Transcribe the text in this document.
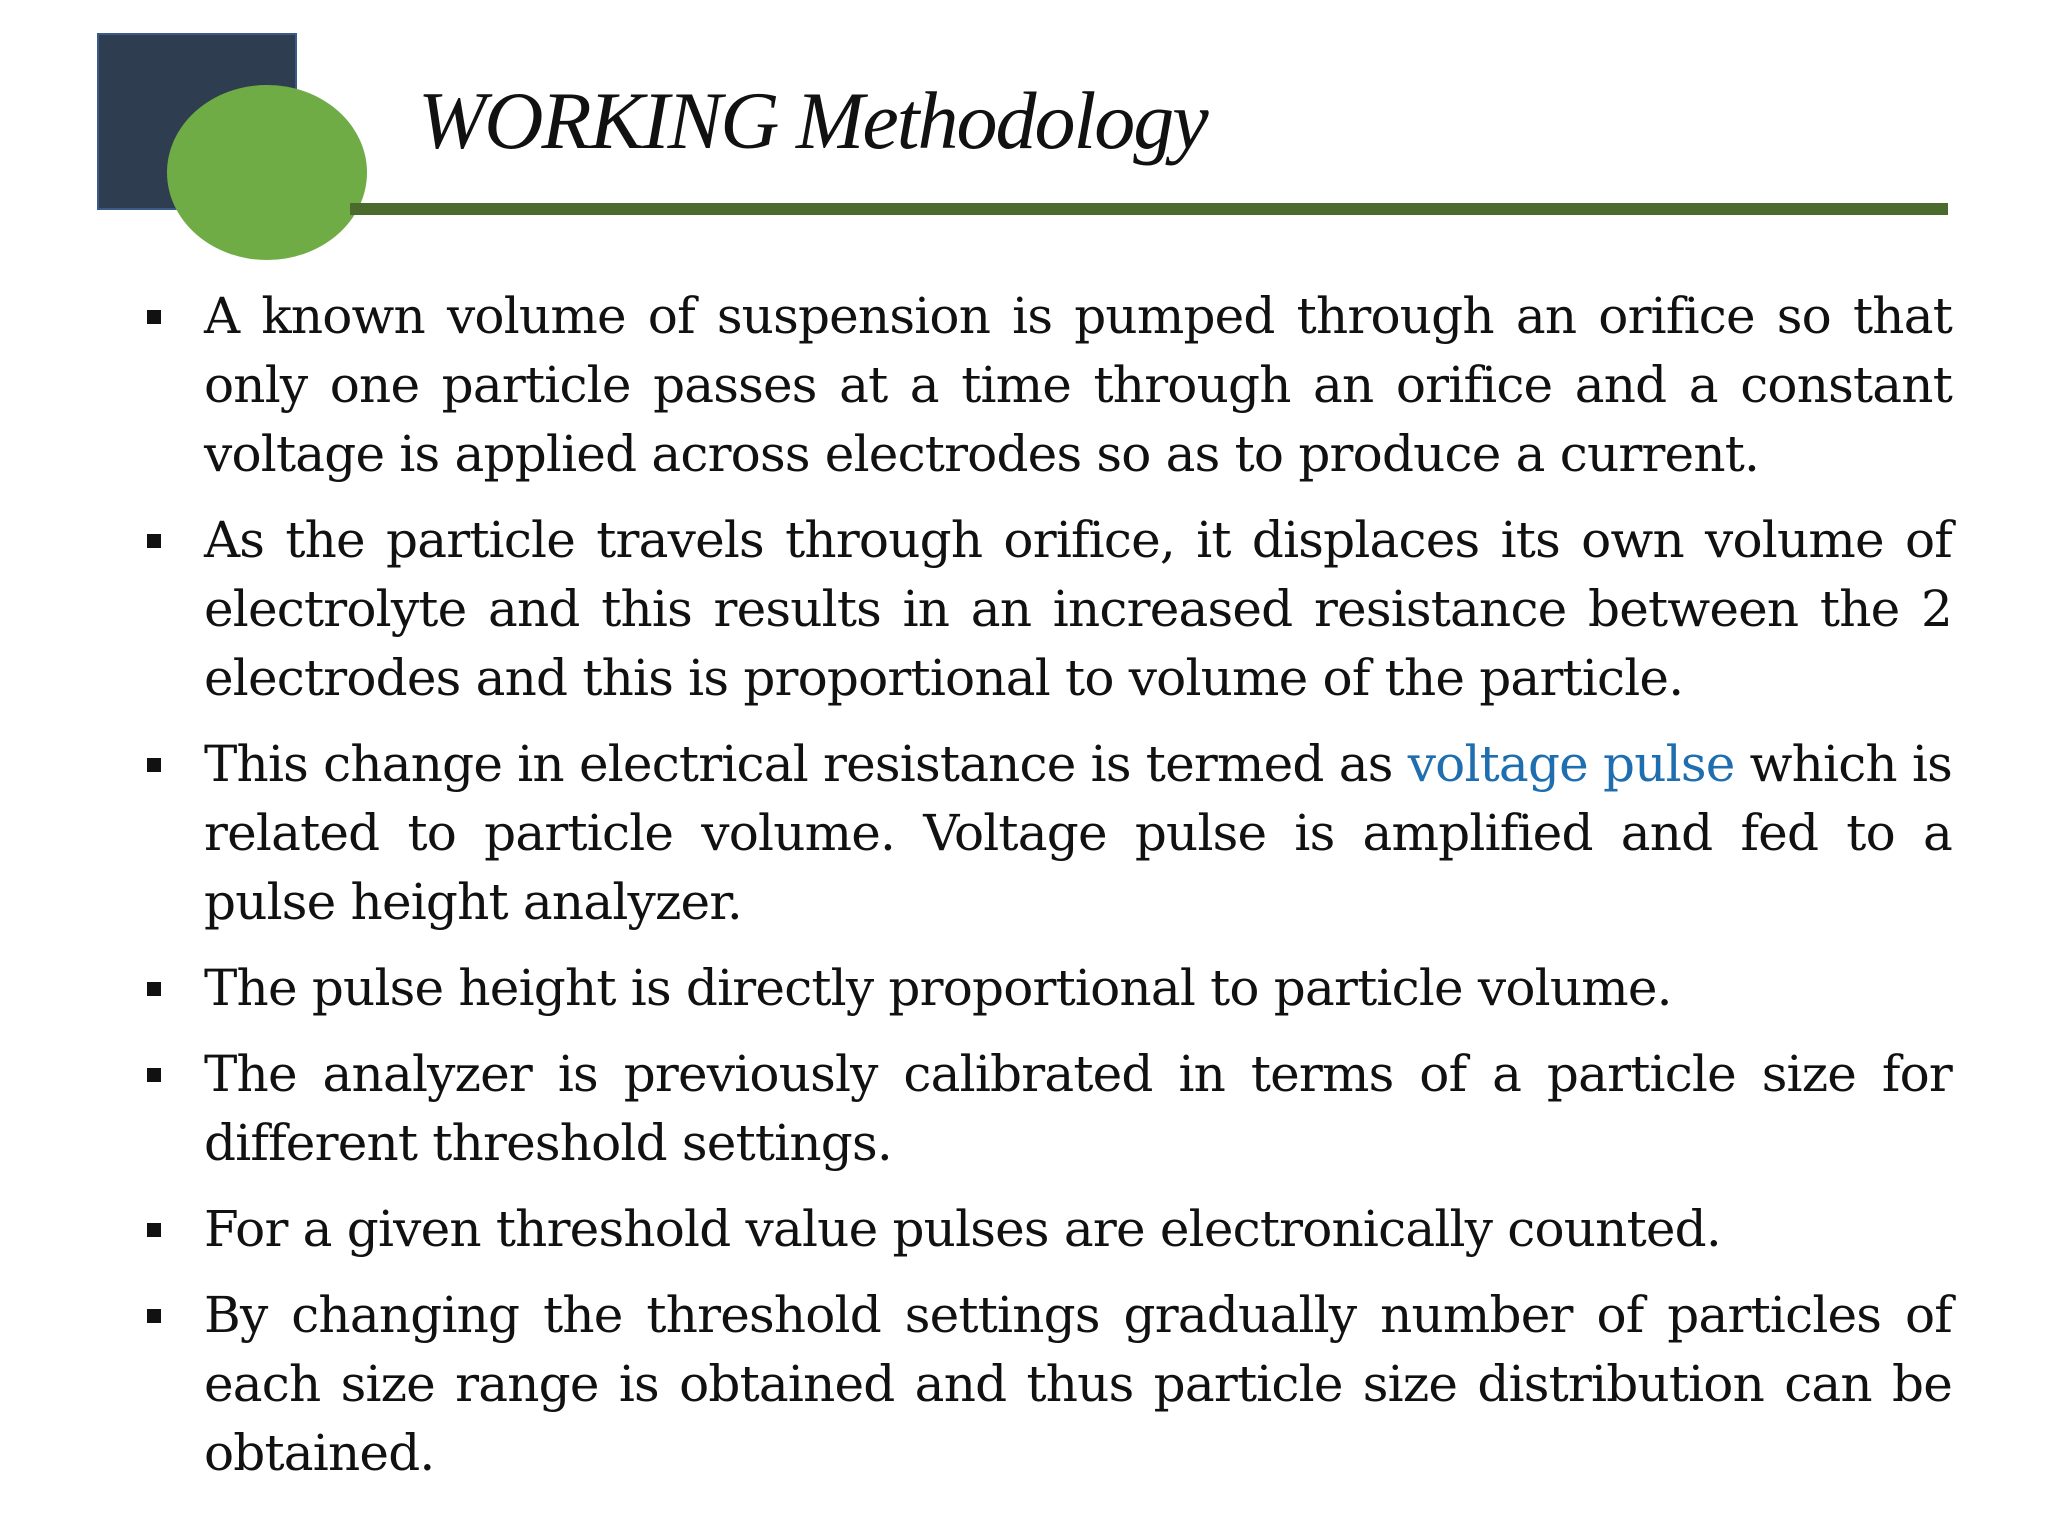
WORKING Methodology
A known volume of suspension is pumped through an orifice so that only one particle passes at a time through an orifice and a constant voltage is applied across electrodes so as to produce a current.
As the particle travels through orifice, it displaces its own volume of electrolyte and this results in an increased resistance between the 2 electrodes and this is proportional to volume of the particle.
This change in electrical resistance is termed as voltage pulse which is related to particle volume. Voltage pulse is amplified and fed to a pulse height analyzer.
The pulse height is directly proportional to particle volume.
The analyzer is previously calibrated in terms of a particle size for different threshold settings.
For a given threshold value pulses are electronically counted.
By changing the threshold settings gradually number of particles of each size range is obtained and thus particle size distribution can be obtained.
